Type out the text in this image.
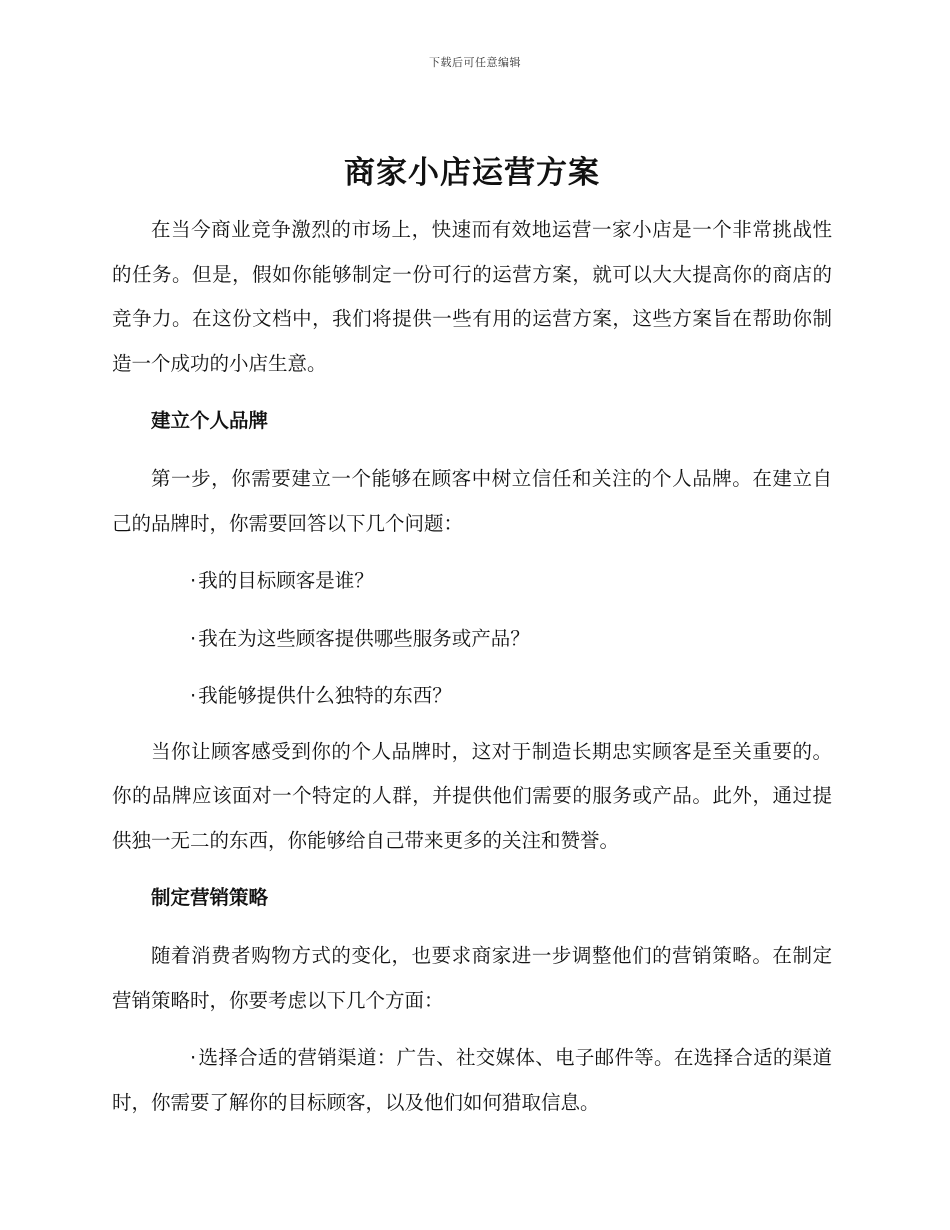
下载后可任意编辑
商家小店运营方案

在当今商业竞争激烈的市场上，快速而有效地运营一家小店是一个非常挑战性的任务。但是，假如你能够制定一份可行的运营方案，就可以大大提高你的商店的竞争力。在这份文档中，我们将提供一些有用的运营方案，这些方案旨在帮助你制造一个成功的小店生意。

建立个人品牌

第一步，你需要建立一个能够在顾客中树立信任和关注的个人品牌。在建立自己的品牌时，你需要回答以下几个问题：

· 我的目标顾客是谁？

· 我在为这些顾客提供哪些服务或产品？

· 我能够提供什么独特的东西？

当你让顾客感受到你的个人品牌时，这对于制造长期忠实顾客是至关重要的。你的品牌应该面对一个特定的人群，并提供他们需要的服务或产品。此外，通过提供独一无二的东西，你能够给自己带来更多的关注和赞誉。

制定营销策略

随着消费者购物方式的变化，也要求商家进一步调整他们的营销策略。在制定营销策略时，你要考虑以下几个方面：

· 选择合适的营销渠道：广告、社交媒体、电子邮件等。在选择合适的渠道时，你需要了解你的目标顾客，以及他们如何猎取信息。
